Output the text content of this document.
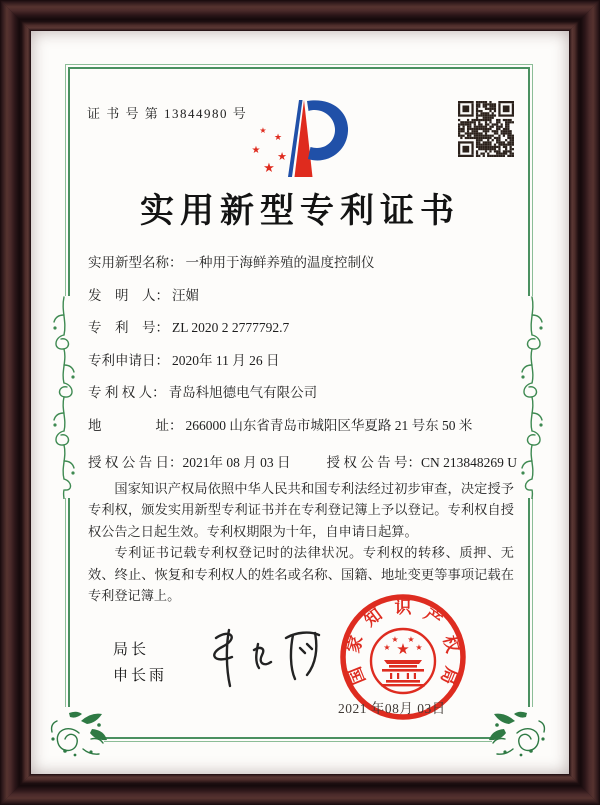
证 书 号 第 13844980 号
★
★
★ ★
★
实用新型专利证书
实用新型名称： 一种用于海鲜养殖的温度控制仪
发　明　人： 汪媚
专　利　号： ZL 2020 2 2777792.7
专利申请日： 2020年 11 月 26 日
专 利 权 人： 青岛科旭德电气有限公司
地　　　　址： 266000 山东省青岛市城阳区华夏路 21 号东 50 米
授 权 公 告 日：2021年 08 月 03 日	授 权 公 告 号：CN 213848269 U

国家知识产权局依照中华人民共和国专利法经过初步审查，决定授予专利权，颁发实用新型专利证书并在专利登记簿上予以登记。专利权自授权公告之日起生效。专利权期限为十年，自申请日起算。

专利证书记载专利权登记时的法律状况。专利权的转移、质押、无效、终止、恢复和专利权人的姓名或名称、国籍、地址变更等事项记载在专利登记簿上。

局长
申长雨	国
家
知 识 产
权
局
★
★
★ ★
★
2021 年08月 03日
